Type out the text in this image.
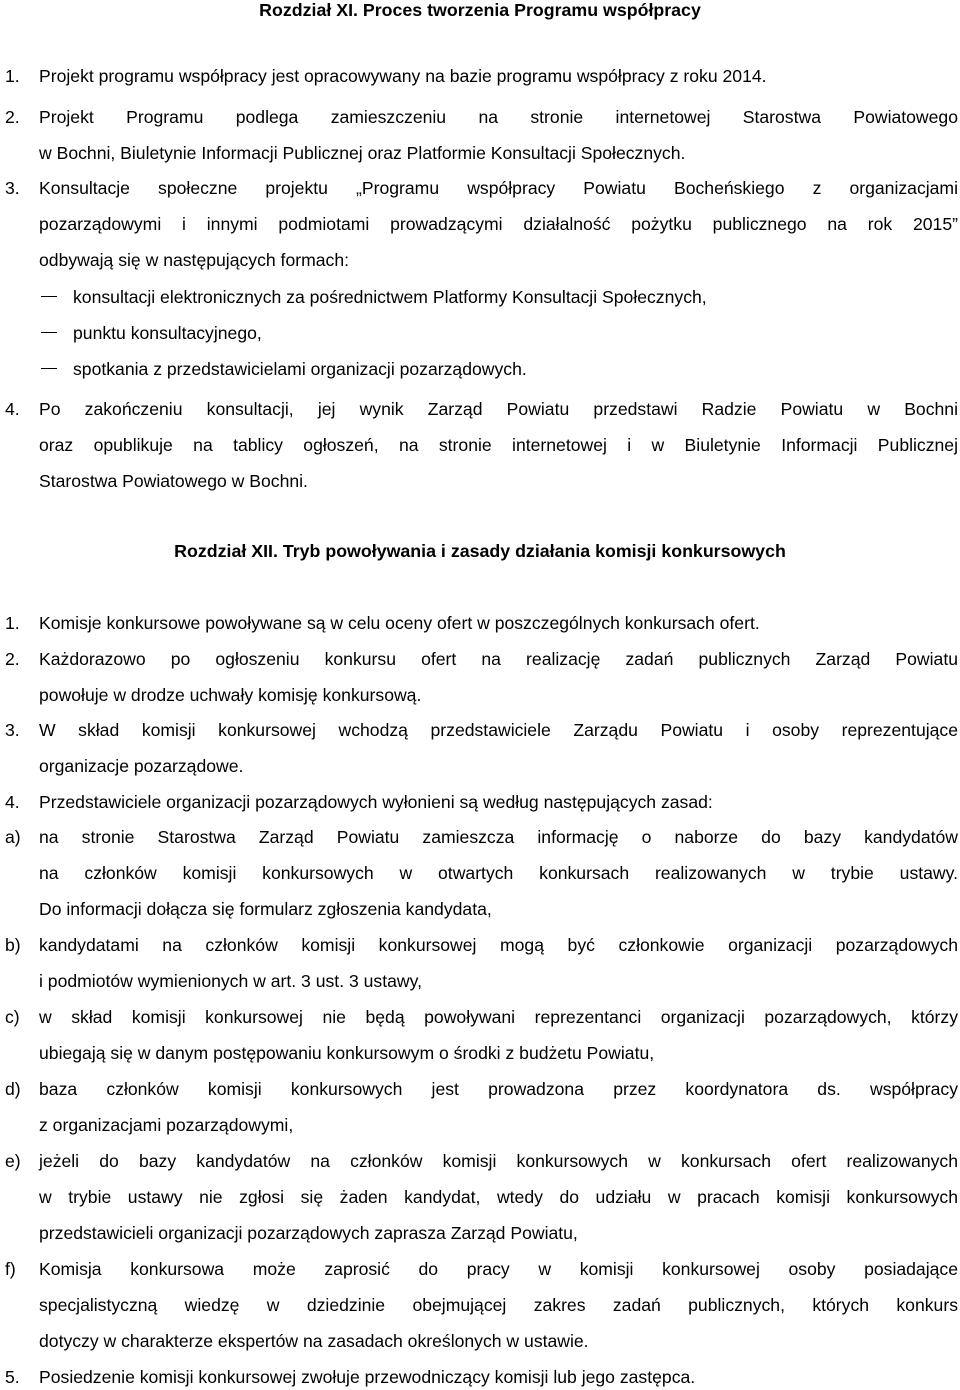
Rozdział XI. Proces tworzenia Programu współpracy
1. Projekt programu współpracy jest opracowywany na bazie programu współpracy z roku 2014.
2. Projekt Programu podlega zamieszczeniu na stronie internetowej Starostwa Powiatowego
w Bochni, Biuletynie Informacji Publicznej oraz Platformie Konsultacji Społecznych.
3. Konsultacje społeczne projektu „Programu współpracy Powiatu Bocheńskiego z organizacjami
pozarządowymi i innymi podmiotami prowadzącymi działalność pożytku publicznego na rok 2015”
odbywają się w następujących formach:
4. Po zakończeniu konsultacji, jej wynik Zarząd Powiatu przedstawi Radzie Powiatu w Bochni
oraz opublikuje na tablicy ogłoszeń, na stronie internetowej i w Biuletynie Informacji Publicznej
Starostwa Powiatowego w Bochni.
konsultacji elektronicznych za pośrednictwem Platformy Konsultacji Społecznych,
punktu konsultacyjnego,
spotkania z przedstawicielami organizacji pozarządowych.
Rozdział XII. Tryb powoływania i zasady działania komisji konkursowych
1. Komisje konkursowe powoływane są w celu oceny ofert w poszczególnych konkursach ofert.
2. Każdorazowo po ogłoszeniu konkursu ofert na realizację zadań publicznych Zarząd Powiatu
powołuje w drodze uchwały komisję konkursową.
3. W skład komisji konkursowej wchodzą przedstawiciele Zarządu Powiatu i osoby reprezentujące
organizacje pozarządowe.
4. Przedstawiciele organizacji pozarządowych wyłonieni są według następujących zasad:
a) na stronie Starostwa Zarząd Powiatu zamieszcza informację o naborze do bazy kandydatów
na członków komisji konkursowych w otwartych konkursach realizowanych w trybie ustawy.
Do informacji dołącza się formularz zgłoszenia kandydata,
b) kandydatami na członków komisji konkursowej mogą być członkowie organizacji pozarządowych
i podmiotów wymienionych w art. 3 ust. 3 ustawy,
c) w skład komisji konkursowej nie będą powoływani reprezentanci organizacji pozarządowych, którzy
ubiegają się w danym postępowaniu konkursowym o środki z budżetu Powiatu,
d) baza członków komisji konkursowych jest prowadzona przez koordynatora ds. współpracy
z organizacjami pozarządowymi,
e) jeżeli do bazy kandydatów na członków komisji konkursowych w konkursach ofert realizowanych
w trybie ustawy nie zgłosi się żaden kandydat, wtedy do udziału w pracach komisji konkursowych
przedstawicieli organizacji pozarządowych zaprasza Zarząd Powiatu,
f) Komisja konkursowa może zaprosić do pracy w komisji konkursowej osoby posiadające
specjalistyczną wiedzę w dziedzinie obejmującej zakres zadań publicznych, których konkurs
dotyczy w charakterze ekspertów na zasadach określonych w ustawie.
5. Posiedzenie komisji konkursowej zwołuje przewodniczący komisji lub jego zastępca.
